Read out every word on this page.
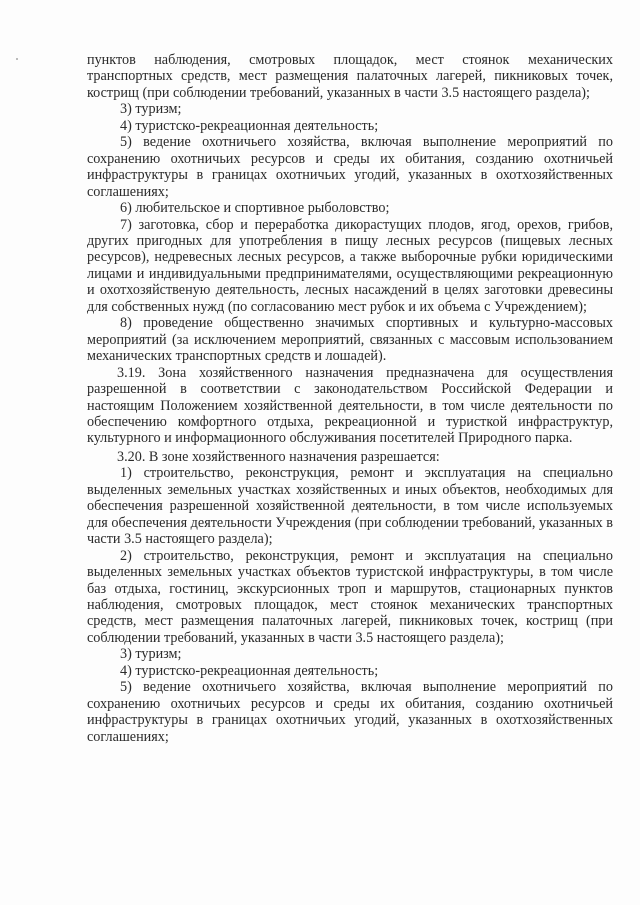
пунктов наблюдения, смотровых площадок, мест стоянок механических транспортных средств, мест размещения палаточных лагерей, пикниковых точек, кострищ (при соблюдении требований, указанных в части 3.5 настоящего раздела);

3) туризм;

4) туристско-рекреационная деятельность;

5) ведение охотничьего хозяйства, включая выполнение мероприятий по сохранению охотничьих ресурсов и среды их обитания, созданию охотничьей инфраструктуры в границах охотничьих угодий, указанных в охотхозяйственных соглашениях;

6) любительское и спортивное рыболовство;

7) заготовка, сбор и переработка дикорастущих плодов, ягод, орехов, грибов, других пригодных для употребления в пищу лесных ресурсов (пищевых лесных ресурсов), недревесных лесных ресурсов, а также выборочные рубки юридическими лицами и индивидуальными предпринимателями, осуществляющими рекреационную и охотхозяйственую деятельность, лесных насаждений в целях заготовки древесины для собственных нужд (по согласованию мест рубок и их объема с Учреждением);

8) проведение общественно значимых спортивных и культурно-массовых мероприятий (за исключением мероприятий, связанных с массовым использованием механических транспортных средств и лошадей).

3.19. Зона хозяйственного назначения предназначена для осуществления разрешенной в соответствии с законодательством Российской Федерации и настоящим Положением хозяйственной деятельности, в том числе деятельности по обеспечению комфортного отдыха, рекреационной и туристкой инфраструктур, культурного и информационного обслуживания посетителей Природного парка.

3.20. В зоне хозяйственного назначения разрешается:

1) строительство, реконструкция, ремонт и эксплуатация на специально выделенных земельных участках хозяйственных и иных объектов, необходимых для обеспечения разрешенной хозяйственной деятельности, в том числе используемых для обеспечения деятельности Учреждения (при соблюдении требований, указанных в части 3.5 настоящего раздела);

2) строительство, реконструкция, ремонт и эксплуатация на специально выделенных земельных участках объектов туристской инфраструктуры, в том числе баз отдыха, гостиниц, экскурсионных троп и маршрутов, стационарных пунктов наблюдения, смотровых площадок, мест стоянок механических транспортных средств, мест размещения палаточных лагерей, пикниковых точек, кострищ (при соблюдении требований, указанных в части 3.5 настоящего раздела);

3) туризм;

4) туристско-рекреационная деятельность;

5) ведение охотничьего хозяйства, включая выполнение мероприятий по сохранению охотничьих ресурсов и среды их обитания, созданию охотничьей инфраструктуры в границах охотничьих угодий, указанных в охотхозяйственных соглашениях;
